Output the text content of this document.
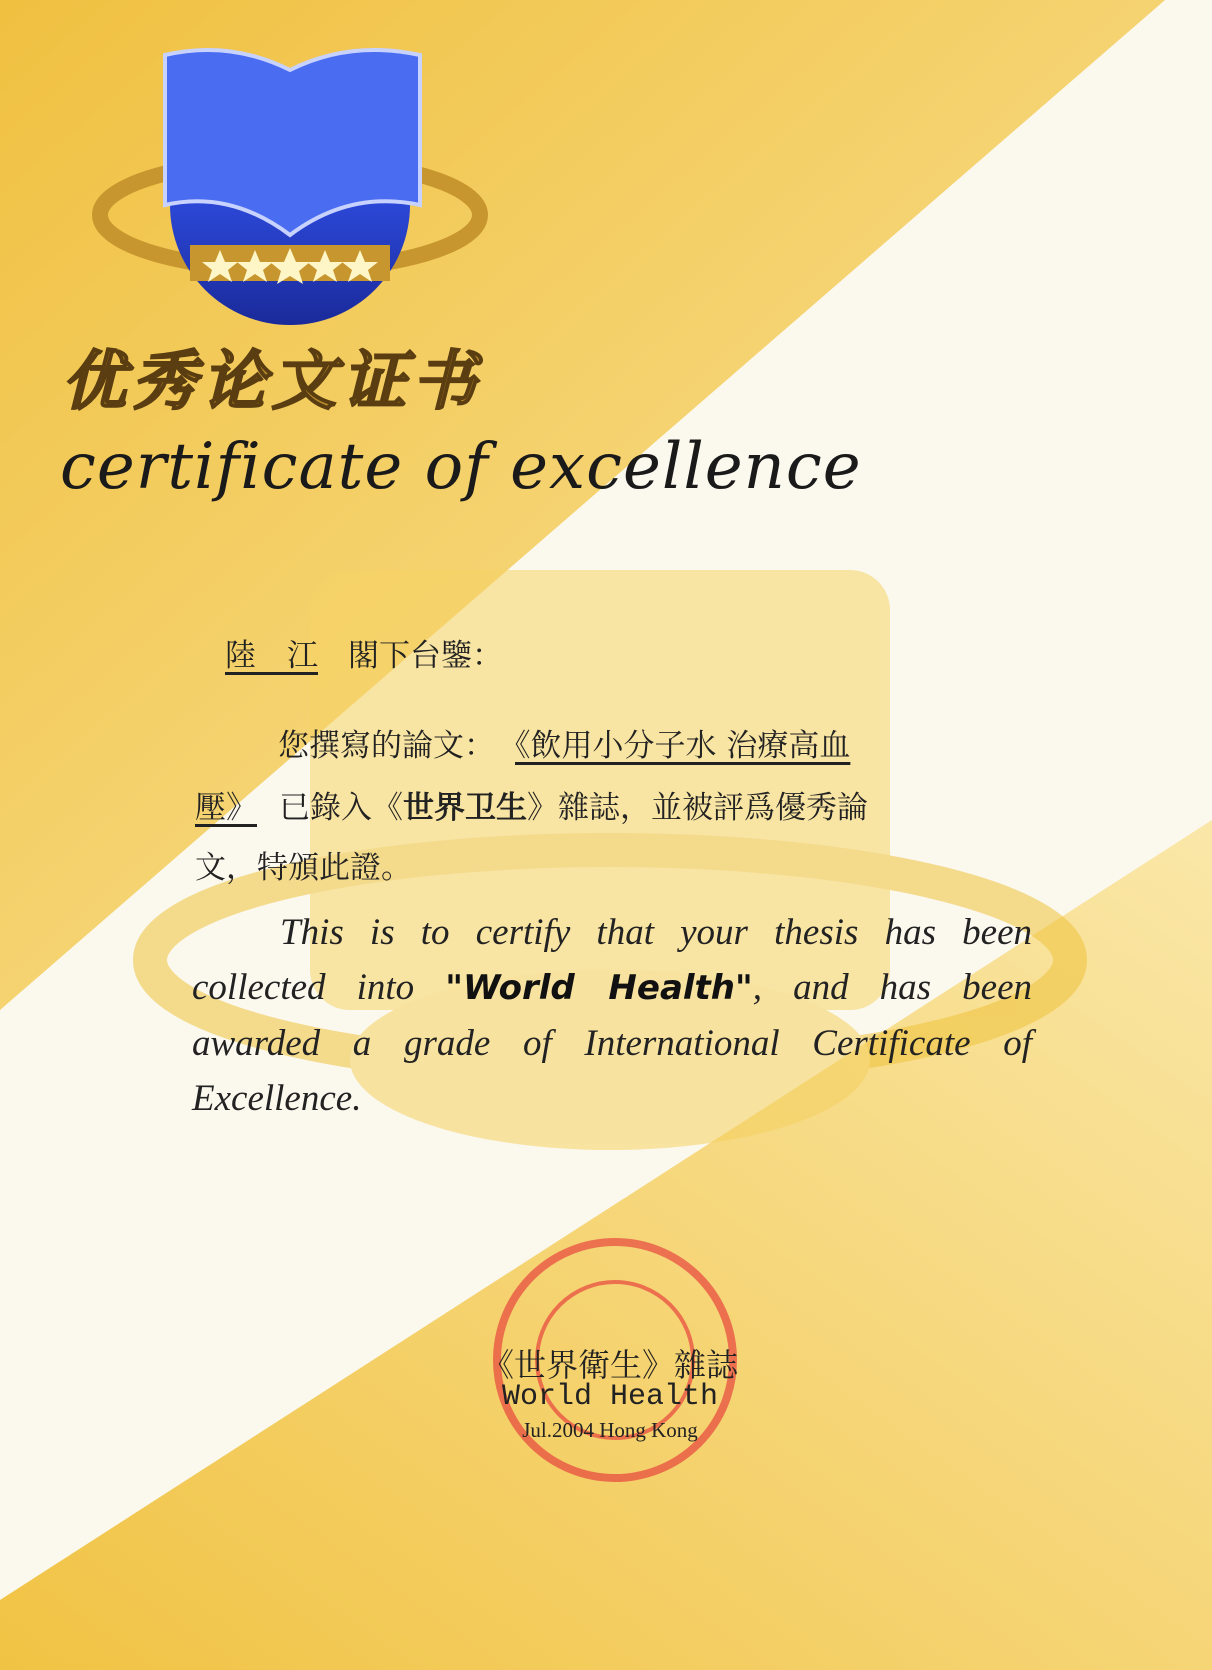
优秀论文证书
certificate of excellence
陸　江 閣下台鑒：
您撰寫的論文： 《飲用小分子水 治療高血
壓》 已錄入《世界卫生》雜誌，並被評爲優秀論
文，特頒此證。
This is to certify that your thesis has been collected into "World Health", and has been awarded a grade of International Certificate of Excellence.
《世界衛生》雜誌
World Health
Jul.2004 Hong Kong
